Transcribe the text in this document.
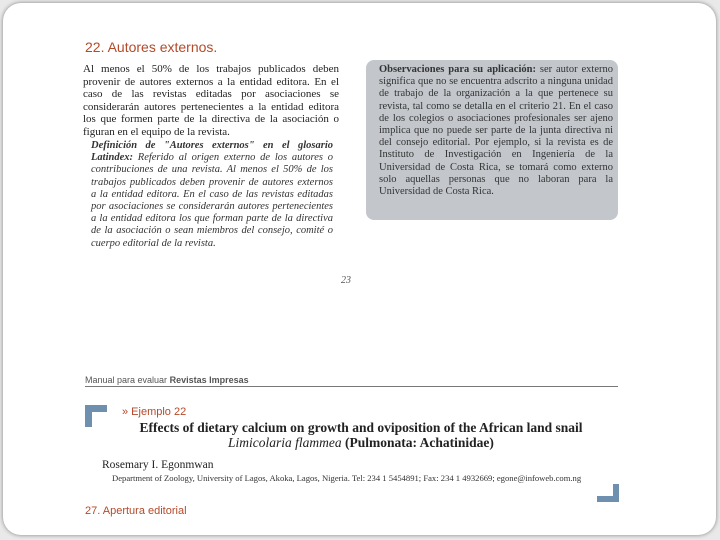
22. Autores externos.

Al menos el 50% de los trabajos publicados deben provenir de autores externos a la entidad editora. En el caso de las revistas editadas por asociaciones se considerarán autores pertenecientes a la entidad editora los que formen parte de la directiva de la asociación o figuran en el equipo de la revista.

Definición de "Autores externos" en el glosario Latindex: Referido al origen externo de los autores o contribuciones de una revista. Al menos el 50% de los trabajos publicados deben provenir de autores externos a la entidad editora. En el caso de las revistas editadas por asociaciones se considerarán autores pertenecientes a la entidad editora los que forman parte de la directiva de la asociación o sean miembros del consejo, comité o cuerpo editorial de la revista.

Observaciones para su aplicación: ser autor externo significa que no se encuentra adscrito a ninguna unidad de trabajo de la organización a la que pertenece su revista, tal como se detalla en el criterio 21. En el caso de los colegios o asociaciones profesionales ser ajeno implica que no puede ser parte de la junta directiva ni del consejo editorial. Por ejemplo, si la revista es de Instituto de Investigación en Ingeniería de la Universidad de Costa Rica, se tomará como externo solo aquellas personas que no laboran para la Universidad de Costa Rica.

23

Manual para evaluar Revistas Impresas
» Ejemplo 22

Effects of dietary calcium on growth and oviposition of the African land snail Limicolaria flammea (Pulmonata: Achatinidae)

Rosemary I. Egonmwan
Department of Zoology, University of Lagos, Akoka, Lagos, Nigeria. Tel: 234 1 5454891; Fax: 234 1 4932669; egone@infoweb.com.ng
27. Apertura editorial
